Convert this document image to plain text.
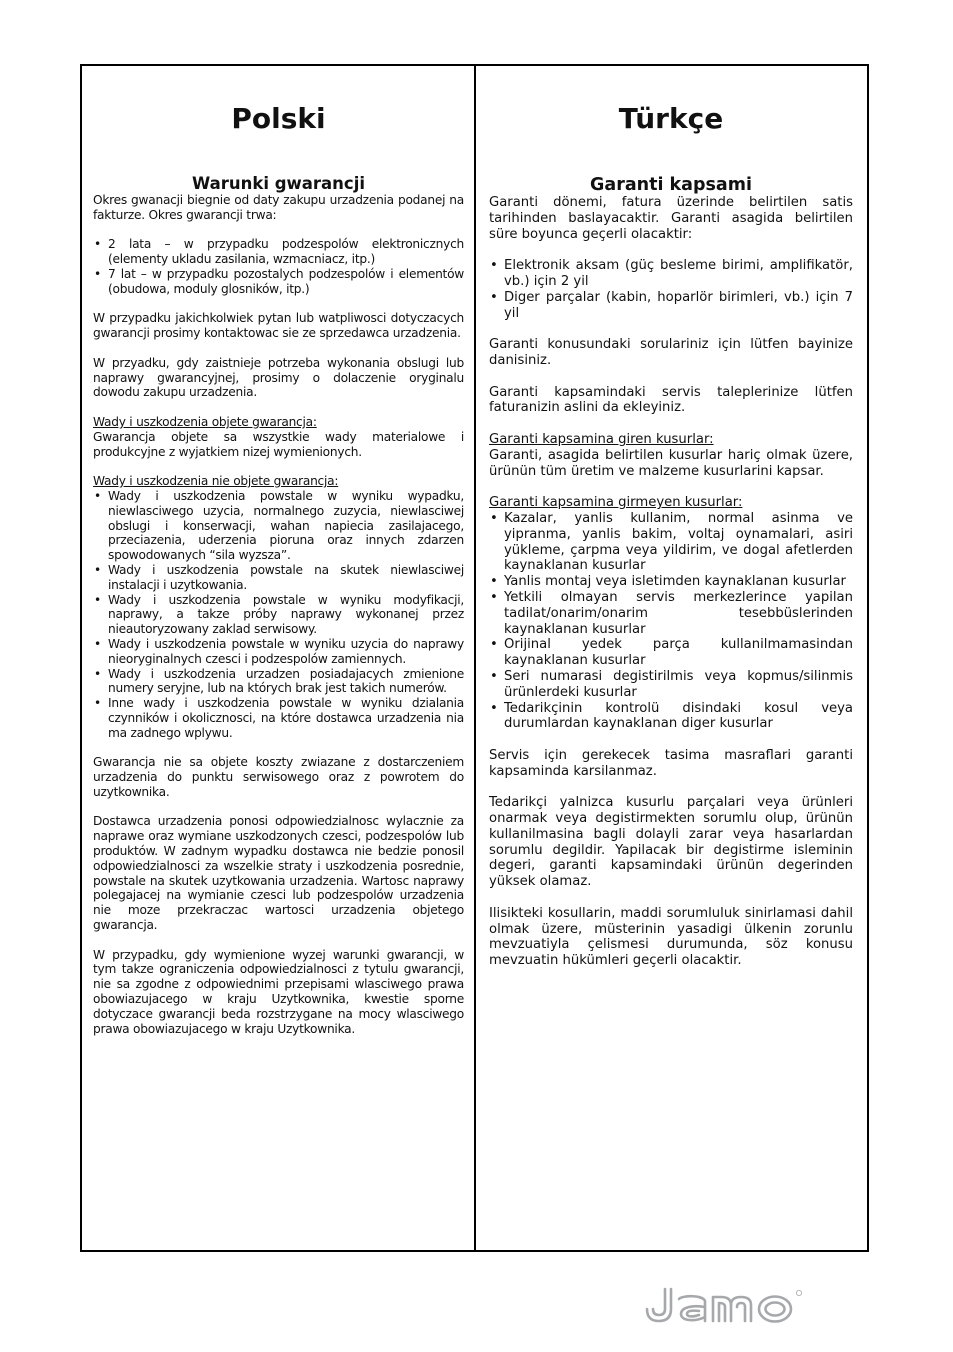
Polski
Warunki gwarancji

Okres gwanacji biegnie od daty zakupu urzadzenia podanej na fakturze. Okres gwarancji trwa:

• 2 lata – w przypadku podzespolów elektronicznych (elementy ukladu zasilania, wzmacniacz, itp.)
• 7 lat – w przypadku pozostalych podzespolów i elementów (obudowa, moduly glosników, itp.)

W przypadku jakichkolwiek pytan lub watpliwosci dotyczacych gwarancji prosimy kontaktowac sie ze sprzedawca urzadzenia.

W przyadku, gdy zaistnieje potrzeba wykonania obslugi lub naprawy gwarancyjnej, prosimy o dolaczenie oryginalu dowodu zakupu urzadzenia.

Wady i uszkodzenia objete gwarancja:

Gwarancja objete sa wszystkie wady materialowe i produkcyjne z wyjatkiem nizej wymienionych.

Wady i uszkodzenia nie objete gwarancja:

• Wady i uszkodzenia powstale w wyniku wypadku, niewlasciwego uzycia, normalnego zuzycia, niewlasciwej obslugi i konserwacji, wahan napiecia zasilajacego, przeciazenia, uderzenia pioruna oraz innych zdarzen spowodowanych “sila wyzsza”.
• Wady i uszkodzenia powstale na skutek niewlasciwej instalacji i uzytkowania.
• Wady i uszkodzenia powstale w wyniku modyfikacji, naprawy, a takze próby naprawy wykonanej przez nieautoryzowany zaklad serwisowy.
• Wady i uszkodzenia powstale w wyniku uzycia do naprawy nieoryginalnych czesci i podzespolów zamiennych.
• Wady i uszkodzenia urzadzen posiadajacych zmienione numery seryjne, lub na których brak jest takich numerów.
• Inne wady i uszkodzenia powstale w wyniku dzialania czynników i okolicznosci, na które dostawca urzadzenia nia ma zadnego wplywu.

Gwarancja nie sa objete koszty zwiazane z dostarczeniem urzadzenia do punktu serwisowego oraz z powrotem do uzytkownika.

Dostawca urzadzenia ponosi odpowiedzialnosc wylacznie za naprawe oraz wymiane uszkodzonych czesci, podzespolów lub produktów. W zadnym wypadku dostawca nie bedzie ponosil odpowiedzialnosci za wszelkie straty i uszkodzenia posrednie, powstale na skutek uzytkowania urzadzenia. Wartosc naprawy polegajacej na wymianie czesci lub podzespolów urzadzenia nie moze przekraczac wartosci urzadzenia objetego gwarancja.

W przypadku, gdy wymienione wyzej warunki gwarancji, w tym takze ograniczenia odpowiedzialnosci z tytulu gwarancji, nie sa zgodne z odpowiednimi przepisami wlasciwego prawa obowiazujacego w kraju Uzytkownika, kwestie sporne dotyczace gwarancji beda rozstrzygane na mocy wlasciwego prawa obowiazujacego w kraju Uzytkownika.

Türkçe
Garanti kapsami

Garanti dönemi, fatura üzerinde belirtilen satis tarihinden baslayacaktir. Garanti asagida belirtilen süre boyunca geçerli olacaktir:

• Elektronik aksam (güç besleme birimi, amplifikatör, vb.) için 2 yil
• Diger parçalar (kabin, hoparlör birimleri, vb.) için 7 yil

Garanti konusundaki sorulariniz için lütfen bayinize danisiniz.

Garanti kapsamindaki servis taleplerinize lütfen faturanizin aslini da ekleyiniz.

Garanti kapsamina giren kusurlar:

Garanti, asagida belirtilen kusurlar hariç olmak üzere, ürünün tüm üretim ve malzeme kusurlarini kapsar.

Garanti kapsamina girmeyen kusurlar:

• Kazalar, yanlis kullanim, normal asinma ve yipranma, yanlis bakim, voltaj oynamalari, asiri yükleme, çarpma veya yildirim, ve dogal afetlerden kaynaklanan kusurlar
• Yanlis montaj veya isletimden kaynaklanan kusurlar
• Yetkili olmayan servis merkezlerince yapilan tadilat/onarim/onarim tesebbüslerinden kaynaklanan kusurlar
• Orijinal yedek parça kullanilmamasindan kaynaklanan kusurlar
• Seri numarasi degistirilmis veya kopmus/silinmis ürünlerdeki kusurlar
• Tedarikçinin kontrolü disindaki kosul veya durumlardan kaynaklanan diger kusurlar

Servis için gerekecek tasima masraflari garanti kapsaminda karsilanmaz.

Tedarikçi yalnizca kusurlu parçalari veya ürünleri onarmak veya degistirmekten sorumlu olup, ürünün kullanilmasina bagli dolayli zarar veya hasarlardan sorumlu degildir. Yapilacak bir degistirme isleminin degeri, garanti kapsamindaki ürünün degerinden yüksek olamaz.

Ilisikteki kosullarin, maddi sorumluluk sinirlamasi dahil olmak üzere, müsterinin yasadigi ülkenin zorunlu mevzuatiyla çelismesi durumunda, söz konusu mevzuatin hükümleri geçerli olacaktir.
